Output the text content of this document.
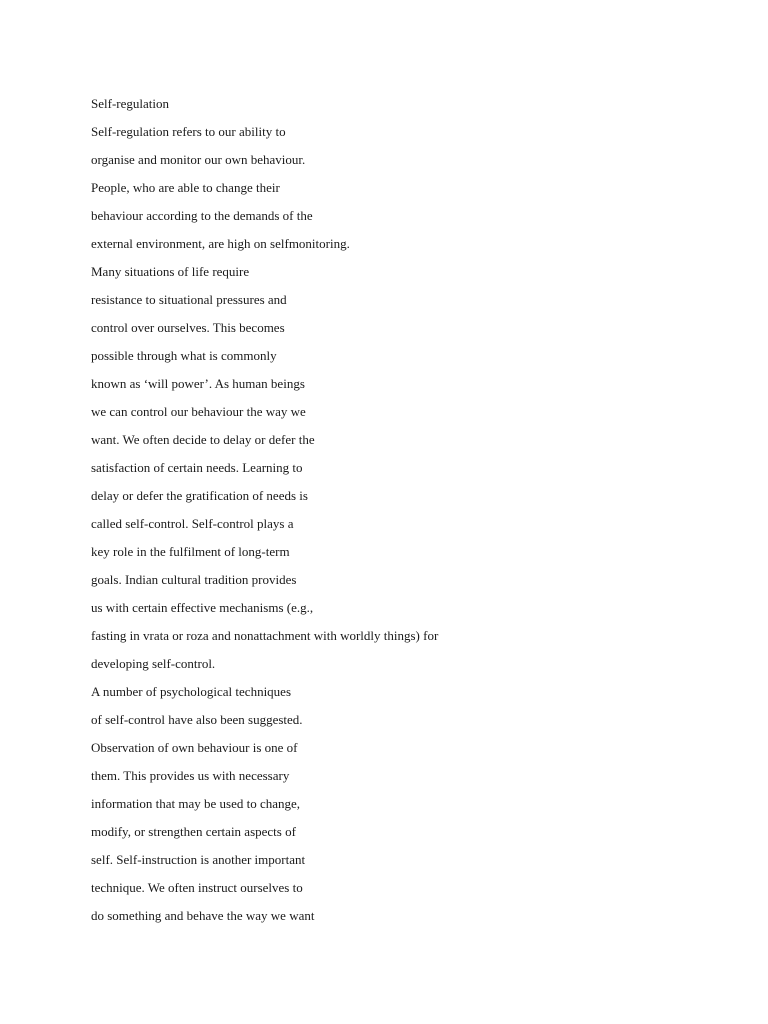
Self-regulation
Self-regulation refers to our ability to
organise and monitor our own behaviour.
People, who are able to change their
behaviour according to the demands of the
external environment, are high on selfmonitoring.
Many situations of life require
resistance to situational pressures and
control over ourselves. This becomes
possible through what is commonly
known as ‘will power’. As human beings
we can control our behaviour the way we
want. We often decide to delay or defer the
satisfaction of certain needs. Learning to
delay or defer the gratification of needs is
called self-control. Self-control plays a
key role in the fulfilment of long-term
goals. Indian cultural tradition provides
us with certain effective mechanisms (e.g.,
fasting in vrata or roza and nonattachment with worldly things) for
developing self-control.
A number of psychological techniques
of self-control have also been suggested.
Observation of own behaviour is one of
them. This provides us with necessary
information that may be used to change,
modify, or strengthen certain aspects of
self. Self-instruction is another important
technique. We often instruct ourselves to
do something and behave the way we want
